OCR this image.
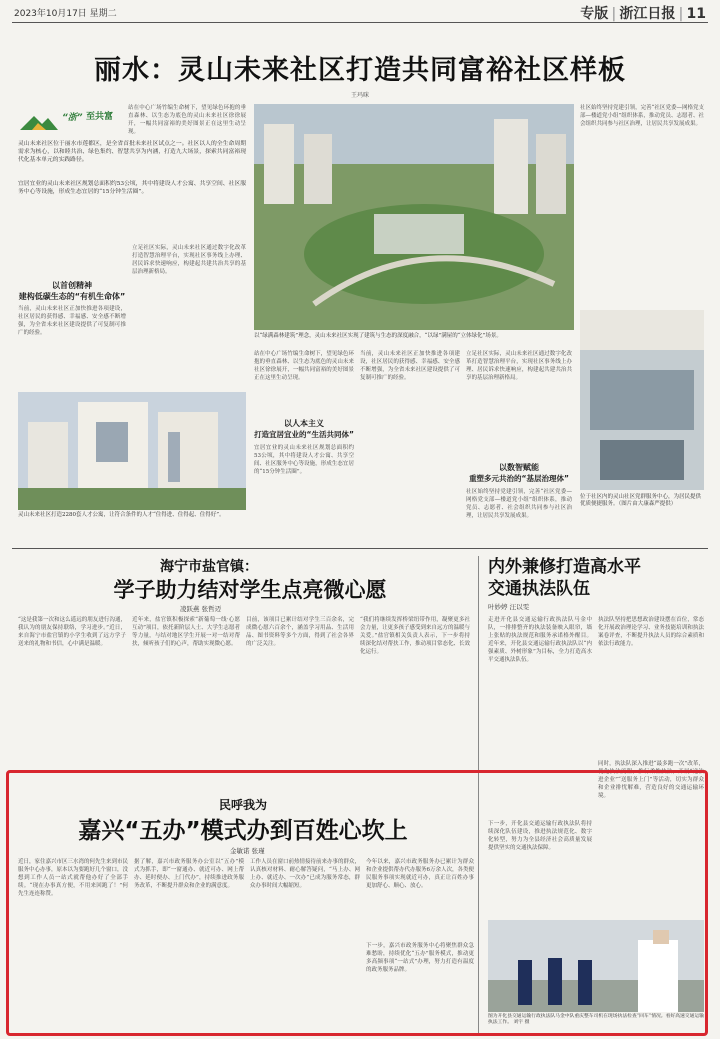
2023年10月17日 星期二	专版 | 浙江日报 | 11
丽水：灵山未来社区打造共同富裕社区样板
王玛咪
“浙” 至共富
灵山未来社区位于丽水市莲都区，是全省首批未来社区试点之一。社区以人的全生命周期需求为核心，以和睦共治、绿色集约、智慧共享为内涵，打造九大场景，探索共同富裕现代化基本单元的实践路径。
宜居宜业的灵山未来社区规划总面积约53公顷，其中将建设人才公寓、共享空间、社区服务中心等设施，形成生态宜居的“15分钟生活圈”。
站在中心广场竹编生命树下，望见绿色环抱的垂直森林、以生态为底色的灵山未来社区徐徐展开，一幅共同富裕的美好图景正在这里生动呈现。
以首创精神
建构低碳生态的“有机生命体”
当前，灵山未来社区正加快推进各项建设，社区居民的获得感、幸福感、安全感不断增强，为全省未来社区建设提供了可复制可推广的经验。
立足社区实际，灵山未来社区通过数字化改革打造智慧治理平台，实现社区事务线上办理、居民诉求快速响应，构建起共建共治共享的基层治理新格局。
灵山未来社区打造2280套人才公寓，让符合条件的人才“住得进、住得起、住得好”。
以“绿满森林建筑”理念，灵山未来社区实现了建筑与生态的深度融合，“以绿”满屋的“立体绿化”场景。
社区始终坚持党建引领，完善“社区党委—网格党支部—楼道党小组”组织体系，推动党员、志愿者、社会组织共同参与社区治理，让居民共享发展成果。
站在中心广场竹编生命树下，望见绿色环抱的垂直森林、以生态为底色的灵山未来社区徐徐展开，一幅共同富裕的美好图景正在这里生动呈现。
以人本主义
打造宜居宜业的“生活共同体”
宜居宜业的灵山未来社区规划总面积约53公顷，其中将建设人才公寓、共享空间、社区服务中心等设施，形成生态宜居的“15分钟生活圈”。
当前，灵山未来社区正加快推进各项建设，社区居民的获得感、幸福感、安全感不断增强，为全省未来社区建设提供了可复制可推广的经验。
立足社区实际，灵山未来社区通过数字化改革打造智慧治理平台，实现社区事务线上办理、居民诉求快速响应，构建起共建共治共享的基层治理新格局。
以数智赋能
重塑多元共治的“基层治理体”
社区始终坚持党建引领，完善“社区党委—网格党支部—楼道党小组”组织体系，推动党员、志愿者、社会组织共同参与社区治理，让居民共享发展成果。
位于社区内的灵山社区党群服务中心，为居民提供优质便捷服务。（图片由大康森严提供）
海宁市盐官镇：
学子助力结对学生点亮微心愿
凌跃燕 张哲迈
“这是我第一次和这么遥远的朋友进行沟通，我认为的朋友保持联络，学习进步。”近日，来自海宁市盐官镇的小学生收到了远方学子送来的礼物和书信，心中满是温暖。
近年来，盐官镇积极探索“新葡萄一线·心愿互动”项目，依托新阶层人士、大学生志愿者等力量，与结对地区学生开展一对一结对帮扶，倾听孩子们的心声，帮助实现微心愿。
目前，该项目已累计结对学生三百余名，完成微心愿六百余个，涵盖学习用品、生活用品、图书资料等多个方面，得到了社会各界的广泛关注。
“我们将继续发挥桥梁纽带作用，凝聚更多社会力量，让更多孩子感受到来自远方的温暖与关爱。”盐官镇相关负责人表示，下一步将持续深化结对帮扶工作，推动项目常态化、长效化运行。
内外兼修打造高水平
交通执法队伍
叶妙婷 汪以雯
走进开化县交通运输行政执法队马金中队，一排排整齐的执法装备映入眼帘，墙上张贴的执法规范和服务承诺格外醒目。近年来，开化县交通运输行政执法队以“内强素质、外树形象”为目标，全力打造高水平交通执法队伍。
执法队坚持把思想政治建设摆在首位，常态化开展政治理论学习、业务技能培训和执法案卷评查，不断提升执法人员的综合素质和依法行政能力。
同时，执法队深入推进“最多跑一次”改革，优化执法流程，推行柔性执法，开展“送法进企业”“送服务上门”等活动，切实为群众和企业排忧解难，营造良好的交通运输环境。
下一步，开化县交通运输行政执法队将持续深化队伍建设，推进执法规范化、数字化转型，努力为全县经济社会高质量发展提供坚实的交通执法保障。
图为开化县交通运输行政执法队马金中队重庆整车司机在现场执法检查“回车”情况。看好高速交通运输执法工作。 刘宇 摄
民呼我为
嘉兴“五办”模式办到百姓心坎上
金敏诺 张瑾
近日，家住嘉兴市区三水湾的何先生来到市民服务中心办事，原本以为要跑好几个窗口，没想到工作人员一站式就帮他办好了全部手续。“现在办事真方便，不用来回跑了！”何先生连连称赞。
据了解，嘉兴市政务服务办公室以“五办”模式为抓手，即“一窗通办、就近可办、网上帮办、延时便办、上门代办”，持续推进政务服务改革，不断提升群众和企业的满意度。
工作人员在窗口前热情接待前来办事的群众，认真核对材料、耐心解答疑问，“马上办、网上办、就近办、一次办”已成为服务常态，群众办事时间大幅缩短。
今年以来，嘉兴市政务服务办已累计为群众和企业提供帮办代办服务6万余人次，各类便民服务事项实现就近可办，真正让百姓办事更加舒心、顺心、放心。
下一步，嘉兴市政务服务中心将聚焦群众急难愁盼，持续优化“五办”服务模式，推动更多高频事项“一站式”办理，努力打造有温度的政务服务品牌。
